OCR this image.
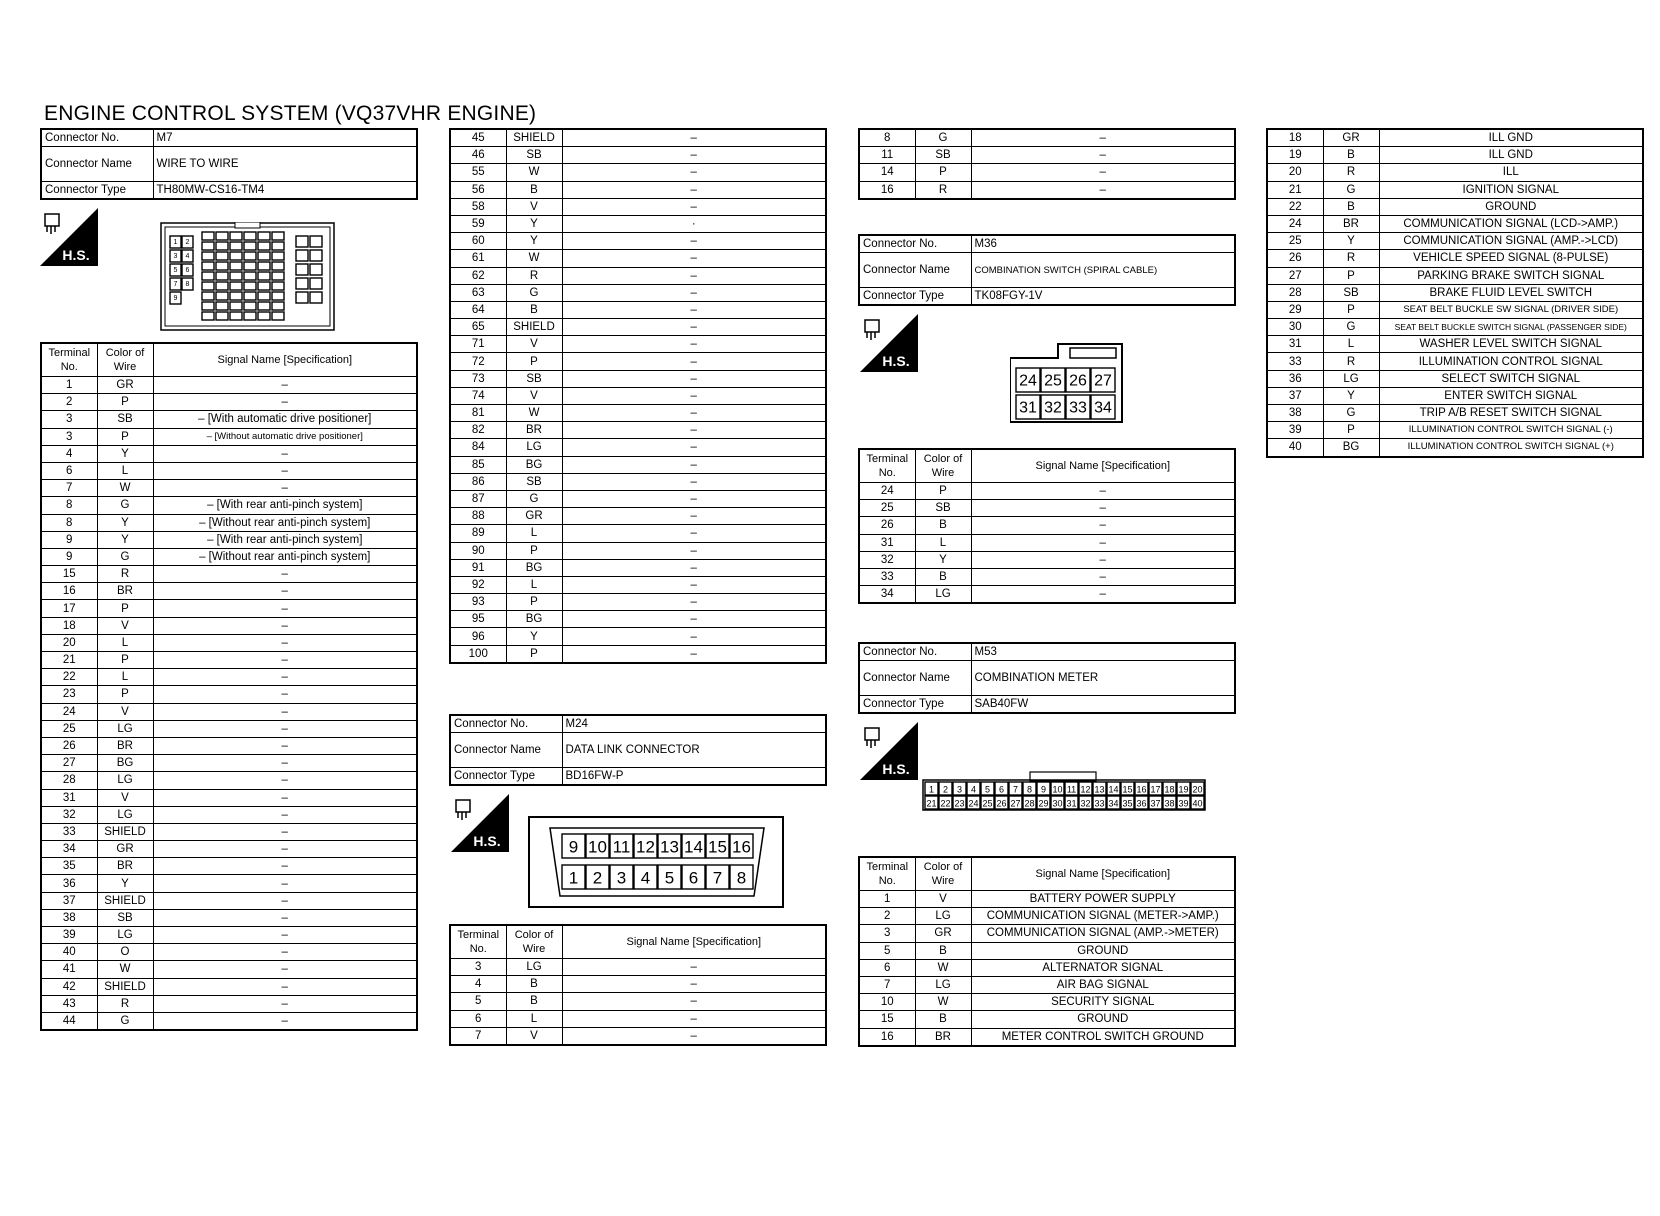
ENGINE CONTROL SYSTEM (VQ37VHR ENGINE)
Connector No.	M7
Connector Name	WIRE TO WIRE
Connector Type	TH80MW-CS16-TM4
H.S.
1 2
3 4
5 6
7 8
9
Terminal No.	Color of Wire	Signal Name [Specification]
1	GR	–
2	P	–
3	SB	– [With automatic drive positioner]
3	P	– [Without automatic drive positioner]
4	Y	–
6	L	–
7	W	–
8	G	– [With rear anti-pinch system]
8	Y	– [Without rear anti-pinch system]
9	Y	– [With rear anti-pinch system]
9	G	– [Without rear anti-pinch system]
15	R	–
16	BR	–
17	P	–
18	V	–
20	L	–
21	P	–
22	L	–
23	P	–
24	V	–
25	LG	–
26	BR	–
27	BG	–
28	LG	–
31	V	–
32	LG	–
33	SHIELD	–
34	GR	–
35	BR	–
36	Y	–
37	SHIELD	–
38	SB	–
39	LG	–
40	O	–
41	W	–
42	SHIELD	–
43	R	–
44	G	–
45	SHIELD	–
46	SB	–
55	W	–
56	B	–
58	V	–
59	Y	·
60	Y	–
61	W	–
62	R	–
63	G	–
64	B	–
65	SHIELD	–
71	V	–
72	P	–
73	SB	–
74	V	–
81	W	–
82	BR	–
84	LG	–
85	BG	–
86	SB	–
87	G	–
88	GR	–
89	L	–
90	P	–
91	BG	–
92	L	–
93	P	–
95	BG	–
96	Y	–
100	P	–
Connector No.	M24
Connector Name	DATA LINK CONNECTOR
Connector Type	BD16FW-P
H.S.	9 10 11 12 13 14 15 16
1 2 3 4 5 6 7 8
Terminal No.	Color of Wire	Signal Name [Specification]
3	LG	–
4	B	–
5	B	–
6	L	–
7	V	–
8	G	–
11	SB	–
14	P	–
16	R	–
Connector No.	M36
Connector Name	COMBINATION SWITCH (SPIRAL CABLE)
Connector Type	TK08FGY-1V
H.S.
24 25 26 27
31 32 33 34
Terminal No.	Color of Wire	Signal Name [Specification]
24	P	–
25	SB	–
26	B	–
31	L	–
32	Y	–
33	B	–
34	LG	–
Connector No.	M53
Connector Name	COMBINATION METER
Connector Type	SAB40FW
H.S.
1 2 3 4 5 6 7 8 9 10 11 12 13 14 15 16 17 18 19 20
21 22 23 24 25 26 27 28 29 30 31 32 33 34 35 36 37 38 39 40
Terminal No.	Color of Wire	Signal Name [Specification]
1	V	BATTERY POWER SUPPLY
2	LG	COMMUNICATION SIGNAL (METER->AMP.)
3	GR	COMMUNICATION SIGNAL (AMP.->METER)
5	B	GROUND
6	W	ALTERNATOR SIGNAL
7	LG	AIR BAG SIGNAL
10	W	SECURITY SIGNAL
15	B	GROUND
16	BR	METER CONTROL SWITCH GROUND
18	GR	ILL GND
19	B	ILL GND
20	R	ILL
21	G	IGNITION SIGNAL
22	B	GROUND
24	BR	COMMUNICATION SIGNAL (LCD->AMP.)
25	Y	COMMUNICATION SIGNAL (AMP.->LCD)
26	R	VEHICLE SPEED SIGNAL (8-PULSE)
27	P	PARKING BRAKE SWITCH SIGNAL
28	SB	BRAKE FLUID LEVEL SWITCH
29	P	SEAT BELT BUCKLE SW SIGNAL (DRIVER SIDE)
30	G	SEAT BELT BUCKLE SWITCH SIGNAL (PASSENGER SIDE)
31	L	WASHER LEVEL SWITCH SIGNAL
33	R	ILLUMINATION CONTROL SIGNAL
36	LG	SELECT SWITCH SIGNAL
37	Y	ENTER SWITCH SIGNAL
38	G	TRIP A/B RESET SWITCH SIGNAL
39	P	ILLUMINATION CONTROL SWITCH SIGNAL (-)
40	BG	ILLUMINATION CONTROL SWITCH SIGNAL (+)
